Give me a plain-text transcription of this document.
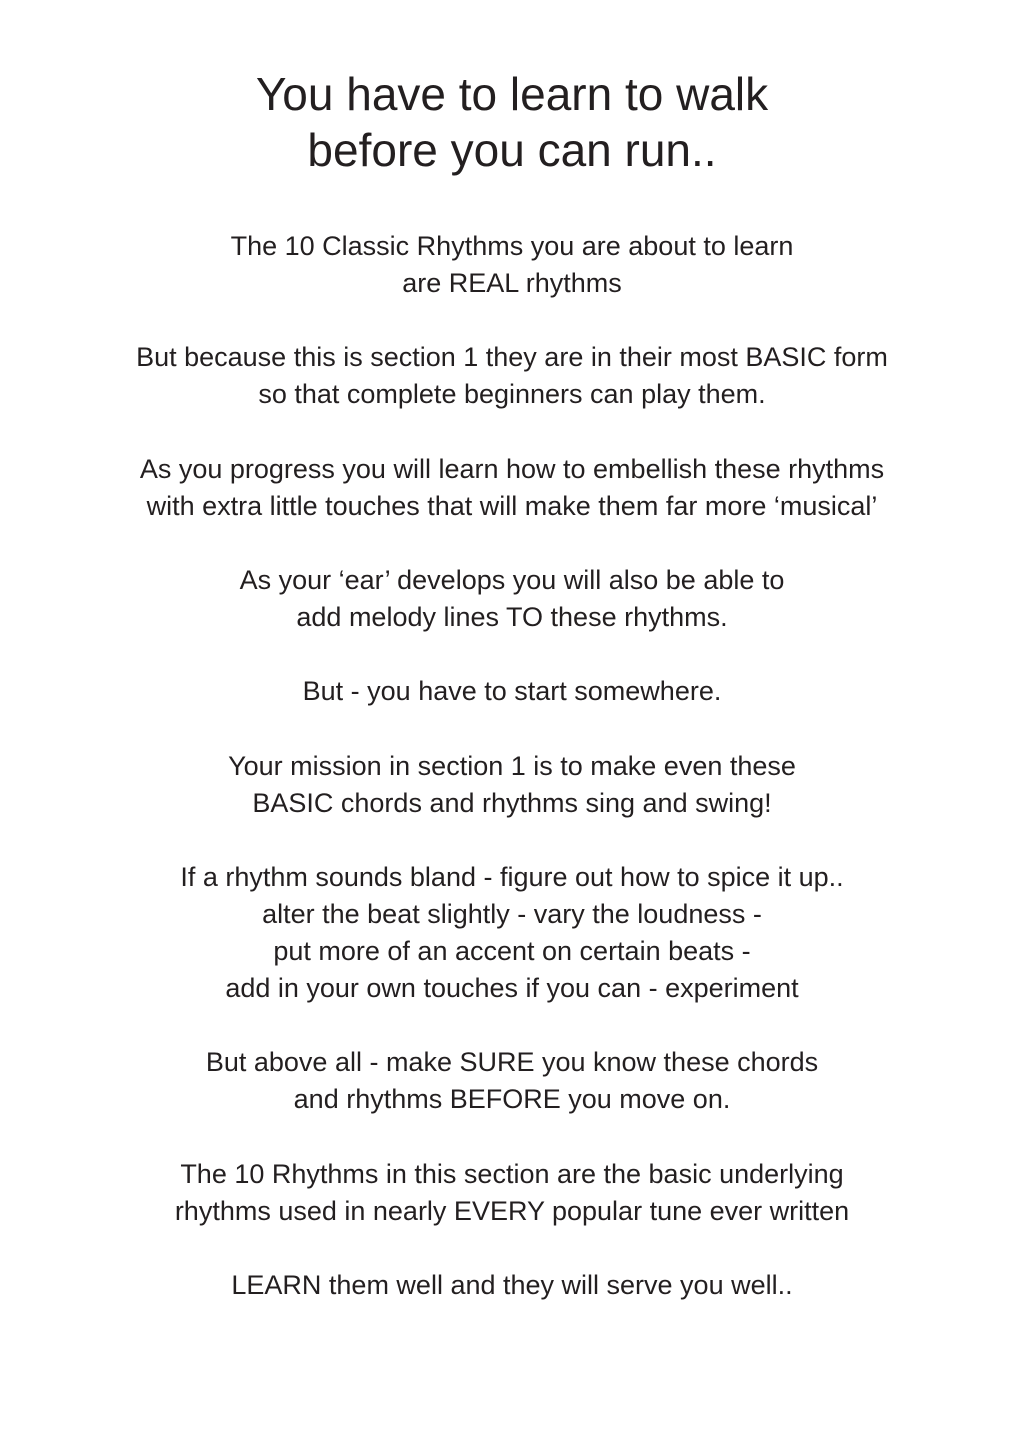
You have to learn to walk
before you can run..

The 10 Classic Rhythms you are about to learn
are REAL rhythms

But because this is section 1 they are in their most BASIC form
so that complete beginners can play them.

As you progress you will learn how to embellish these rhythms
with extra little touches that will make them far more ‘musical’

As your ‘ear’ develops you will also be able to
add melody lines TO these rhythms.

But - you have to start somewhere.

Your mission in section 1 is to make even these
BASIC chords and rhythms sing and swing!

If a rhythm sounds bland - figure out how to spice it up..
alter the beat slightly - vary the loudness -
put more of an accent on certain beats -
add in your own touches if you can - experiment

But above all - make SURE you know these chords
and rhythms BEFORE you move on.

The 10 Rhythms in this section are the basic underlying
rhythms used in nearly EVERY popular tune ever written

LEARN them well and they will serve you well..
